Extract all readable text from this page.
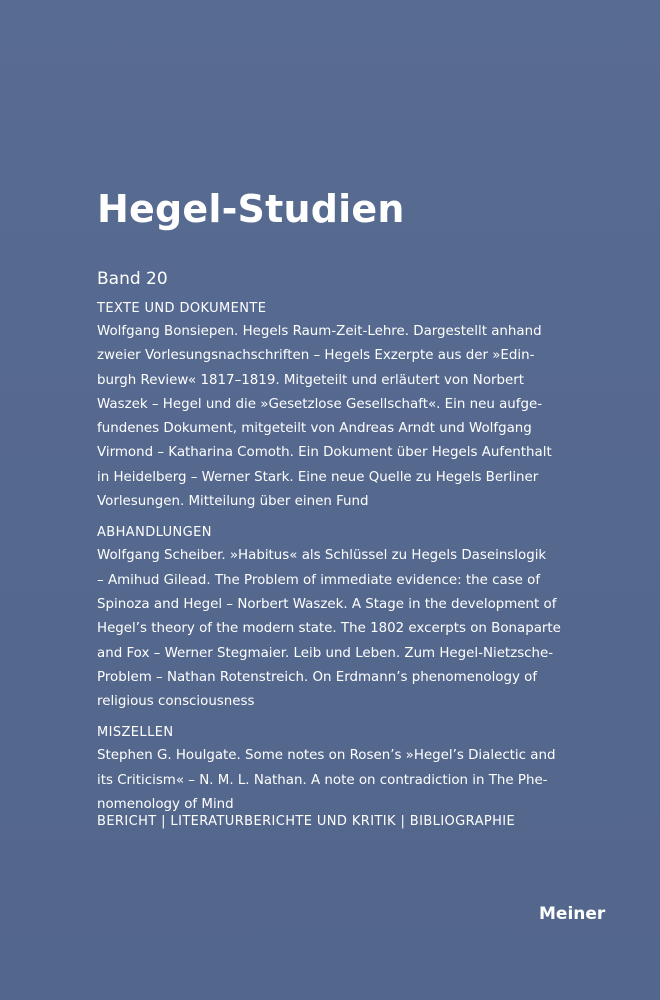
Hegel-Studien
Band 20
TEXTE UND DOKUMENTE

Wolfgang Bonsiepen. Hegels Raum-Zeit-Lehre. Dargestellt anhand
zweier Vorlesungsnachschriften – Hegels Exzerpte aus der »Edin-
burgh Review« 1817–1819. Mitgeteilt und erläutert von Norbert
Waszek – Hegel und die »Gesetzlose Gesellschaft«. Ein neu aufge-
fundenes Dokument, mitgeteilt von Andreas Arndt und Wolfgang
Virmond – Katharina Comoth. Ein Dokument über Hegels Aufenthalt
in Heidelberg – Werner Stark. Eine neue Quelle zu Hegels Berliner
Vorlesungen. Mitteilung über einen Fund

ABHANDLUNGEN

Wolfgang Scheiber. »Habitus« als Schlüssel zu Hegels Daseinslogik
– Amihud Gilead. The Problem of immediate evidence: the case of
Spinoza and Hegel – Norbert Waszek. A Stage in the development of
Hegel’s theory of the modern state. The 1802 excerpts on Bonaparte
and Fox – Werner Stegmaier. Leib und Leben. Zum Hegel-Nietzsche-
Problem – Nathan Rotenstreich. On Erdmann’s phenomenology of
religious consciousness

MISZELLEN

Stephen G. Houlgate. Some notes on Rosen’s »Hegel’s Dialectic and
its Criticism« – N. M. L. Nathan. A note on contradiction in The Phe-
nomenology of Mind

BERICHT | LITERATURBERICHTE UND KRITIK | BIBLIOGRAPHIE
Meiner
